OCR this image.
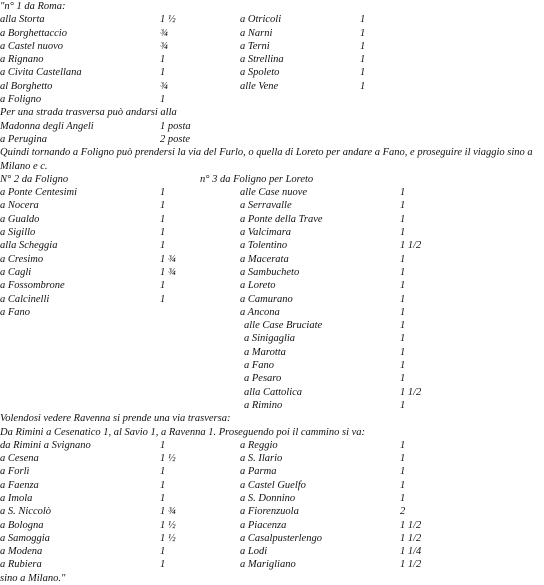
"n° 1 da Roma:
alla Storta	1 ½	a Otricoli	1
a Borghettaccio	¾	a Narni	1
a Castel nuovo	¾	a Terni	1
a Rignano	1	a Strellina	1
a Civita Castellana	1	a Spoleto	1
al Borghetto	¾	alle Vene	1
a Foligno	1
Per una strada trasversa può andarsi alla
Madonna degli Angeli	1 posta
a Perugina	2 poste
Quindi tornando a Foligno può prendersi la via del Furlo, o quella di Loreto per andare a Fano, e proseguire il viaggio sino a Milano e c.
N° 2 da Foligno	n° 3 da Foligno per Loreto
a Ponte Centesimi	1	alle Case nuove	1
a Nocera	1	a Serravalle	1
a Gualdo	1	a Ponte della Trave	1
a Sigillo	1	a Valcimara	1
alla Scheggia	1	a Tolentino	1 1/2
a Cresimo	1 ¾	a Macerata	1
a Cagli	1 ¾	a Sambucheto	1
a Fossombrone	1	a Loreto	1
a Calcinelli	1	a Camurano	1
a Fano	a Ancona	1
alle Case Bruciate	1
a Sinigaglia	1
a Marotta	1
a Fano	1
a Pesaro	1
alla Cattolica	1 1/2
a Rimino	1
Volendosi vedere Ravenna si prende una via trasversa:
Da Rimini a Cesenatico 1, al Savio 1, a Ravenna 1. Proseguendo poi il cammino si va:
da Rimini a Svignano	1	a Reggio	1
a Cesena	1 ½	a S. Ilario	1
a Forlì	1	a Parma	1
a Faenza	1	a Castel Guelfo	1
a Imola	1	a S. Donnino	1
a S. Niccolò	1 ¾	a Fiorenzuola	2
a Bologna	1 ½	a Piacenza	1 1/2
a Samoggia	1 ½	a Casalpusterlengo	1 1/2
a Modena	1	a Lodi	1 1/4
a Rubiera	1	a Marigliano	1 1/2
sino a Milano."
